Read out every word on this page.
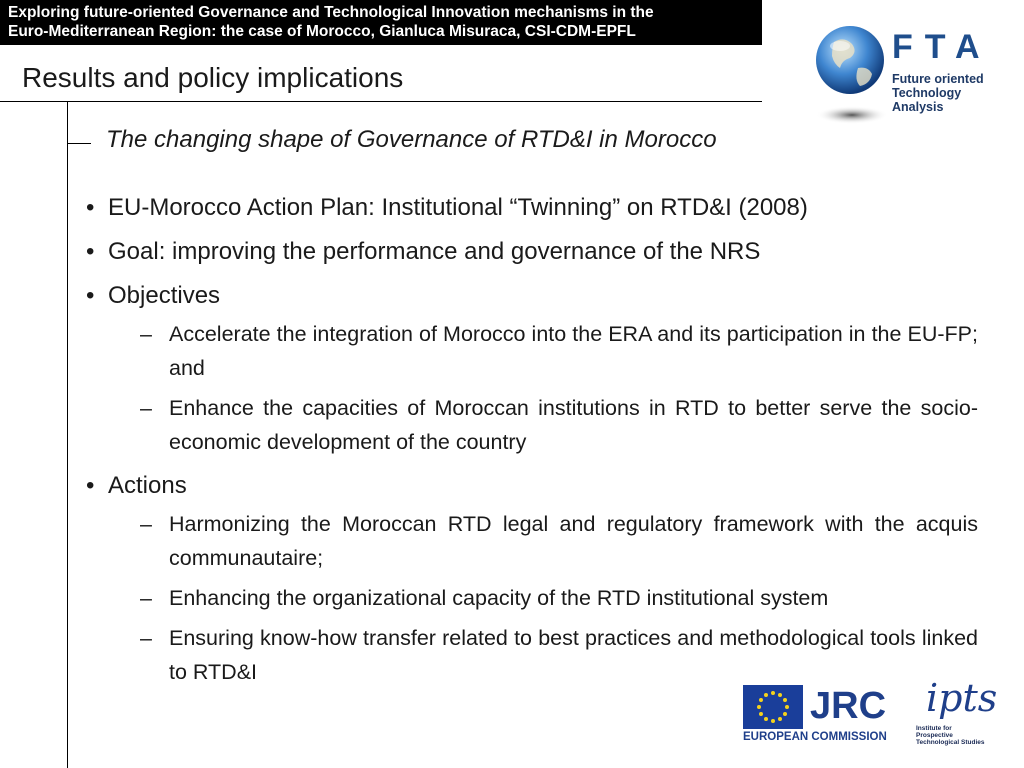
Exploring future-oriented Governance and Technological Innovation mechanisms in the
Euro-Mediterranean Region: the case of Morocco, Gianluca Misuraca, CSI-CDM-EPFL
Results and policy implications
The changing shape of Governance of RTD&I in Morocco
• EU-Morocco Action Plan: Institutional “Twinning” on RTD&I (2008)
• Goal: improving the performance and governance of the NRS
• Objectives
– Accelerate the integration of Morocco into the ERA and its participation in the EU-FP; and
– Enhance the capacities of Moroccan institutions in RTD to better serve the socio-economic development of the country
• Actions
– Harmonizing the Moroccan RTD legal and regulatory framework with the acquis communautaire;
– Enhancing the organizational capacity of the RTD institutional system
– Ensuring know-how transfer related to best practices and methodological tools linked to RTD&I
FTA
Future oriented
Technology
Analysis
JRC
EUROPEAN COMMISSION
ipts
Institute for
Prospective
Technological Studies
